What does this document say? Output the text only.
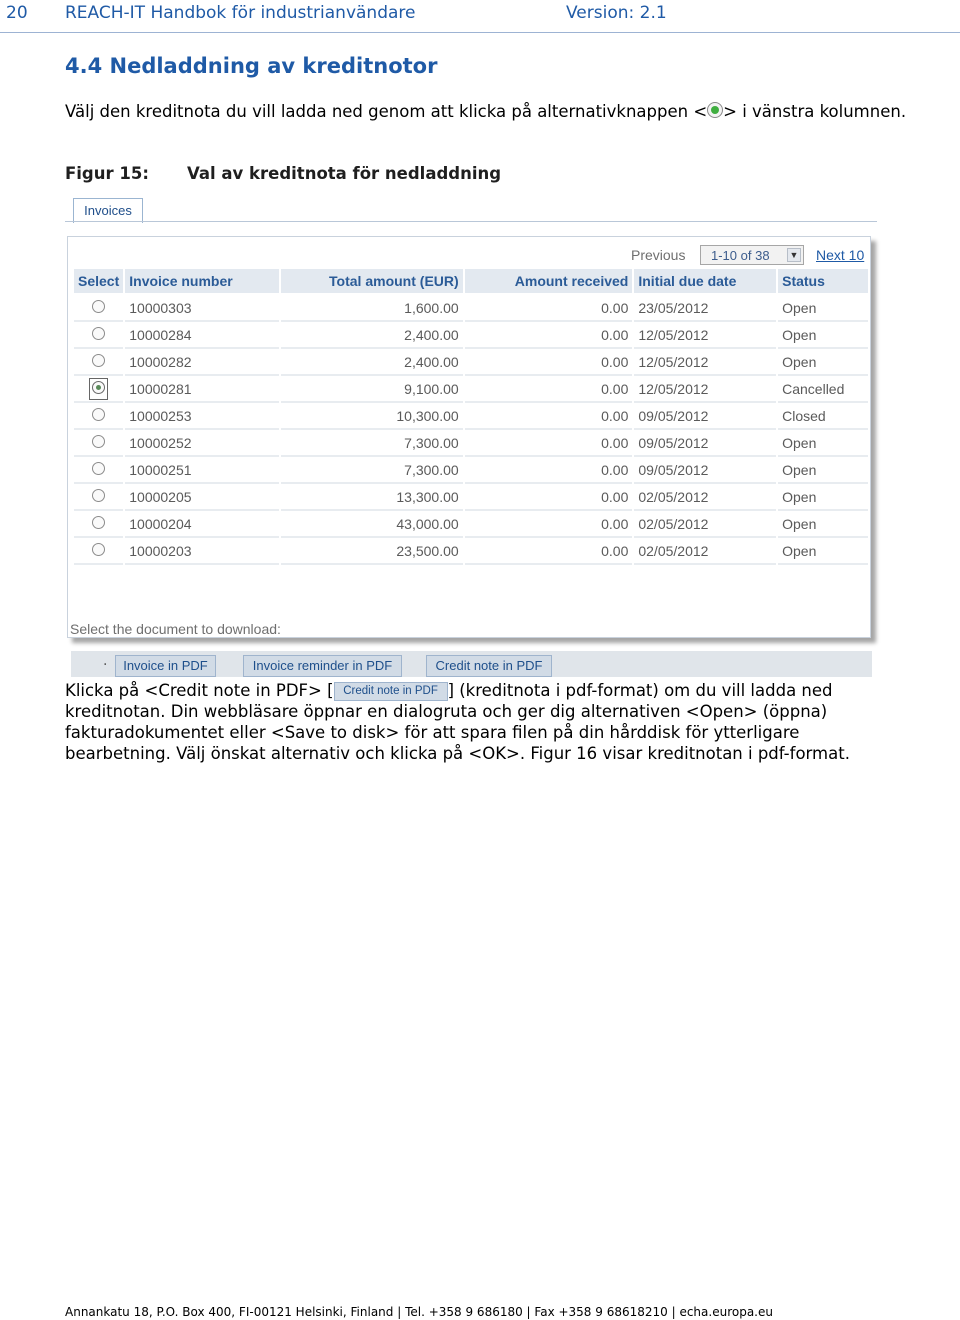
20 REACH-IT Handbok för industrianvändare	Version: 2.1
4.4 Nedladdning av kreditnotor
Välj den kreditnota du vill ladda ned genom att klicka på alternativknappen < > i vänstra kolumnen.
Figur 15: Val av kreditnota för nedladdning
Invoices
Previous	1-10 of 38 ▼ Next 10
Select	Invoice number	Total amount (EUR)	Amount received	Initial due date	Status
	10000303	1,600.00	0.00	23/05/2012	Open
	10000284	2,400.00	0.00	12/05/2012	Open
	10000282	2,400.00	0.00	12/05/2012	Open
	10000281	9,100.00	0.00	12/05/2012	Cancelled
	10000253	10,300.00	0.00	09/05/2012	Closed
	10000252	7,300.00	0.00	09/05/2012	Open
	10000251	7,300.00	0.00	09/05/2012	Open
	10000205	13,300.00	0.00	02/05/2012	Open
	10000204	43,000.00	0.00	02/05/2012	Open
	10000203	23,500.00	0.00	02/05/2012	Open
Select the document to download:
.	Invoice in PDF	Invoice reminder in PDF	Credit note in PDF
Klicka på <Credit note in PDF> [ Credit note in PDF ] (kreditnota i pdf-format) om du vill ladda ned kreditnotan. Din webbläsare öppnar en dialogruta och ger dig alternativen <Open> (öppna) fakturadokumentet eller <Save to disk> för att spara filen på din hårddisk för ytterligare bearbetning. Välj önskat alternativ och klicka på <OK>. Figur 16 visar kreditnotan i pdf-format.
Annankatu 18, P.O. Box 400, FI-00121 Helsinki, Finland | Tel. +358 9 686180 | Fax +358 9 68618210 | echa.europa.eu
